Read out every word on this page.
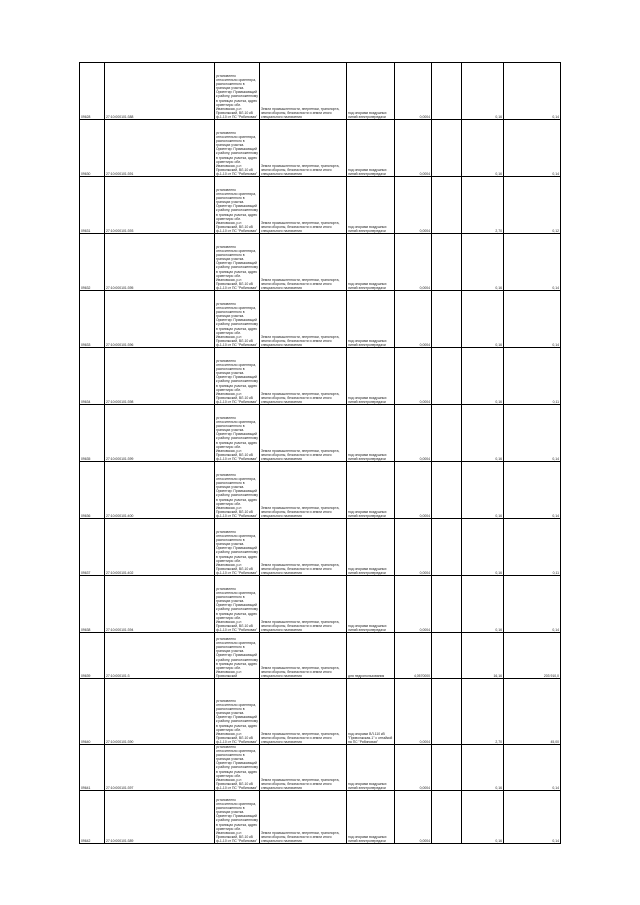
09628	27:10:000101:388	установлено относительно ориентира, расположенного в границах участка. Ориентир: Примыкающий к району, расположенному в границах участка, адрес ориентира: обл. Ивановская, р-н Приволжский, ВЛ-10 кВ ф-1-10 от ПС "Рябиновая"	Земли промышленности, энергетики, транспорта, земли обороны, безопасности и земли иного специального назначения	под опорами воздушных линий электропередачи	0,0004		0,16	0,14

09630	27:10:000101:391	установлено относительно ориентира, расположенного в границах участка. Ориентир: Примыкающий к району, расположенному в границах участка, адрес ориентира: обл. Ивановская, р-н Приволжский, ВЛ-10 кВ ф-1-10 от ПС "Рябиновая"	Земли промышленности, энергетики, транспорта, земли обороны, безопасности и земли иного специального назначения	под опорами воздушных линий электропередачи	0,0004		0,16	0,14

09631	27:10:000101:393	установлено относительно ориентира, расположенного в границах участка. Ориентир: Примыкающий к району, расположенному в границах участка, адрес ориентира: обл. Ивановская, р-н Приволжский, ВЛ-10 кВ ф-1-10 от ПС "Рябиновая"	Земли промышленности, энергетики, транспорта, земли обороны, безопасности и земли иного специального назначения	под опорами воздушных линий электропередачи	0,0004		2,70	0,12

09632	27:10:000101:395	установлено относительно ориентира, расположенного в границах участка. Ориентир: Примыкающий к району, расположенному в границах участка, адрес ориентира: обл. Ивановская, р-н Приволжский, ВЛ-10 кВ ф-1-10 от ПС "Рябиновая"	Земли промышленности, энергетики, транспорта, земли обороны, безопасности и земли иного специального назначения	под опорами воздушных линий электропередачи	0,0004		0,16	0,14

09633	27:10:000101:396	установлено относительно ориентира, расположенного в границах участка. Ориентир: Примыкающий к району, расположенному в границах участка, адрес ориентира: обл. Ивановская, р-н Приволжский, ВЛ-10 кВ ф-1-10 от ПС "Рябиновая"	Земли промышленности, энергетики, транспорта, земли обороны, безопасности и земли иного специального назначения	под опорами воздушных линий электропередачи	0,0004		0,16	0,14

09634	27:10:000101:398	установлено относительно ориентира, расположенного в границах участка. Ориентир: Примыкающий к району, расположенному в границах участка, адрес ориентира: обл. Ивановская, р-н Приволжский, ВЛ-10 кВ ф-1-10 от ПС "Рябиновая"	Земли промышленности, энергетики, транспорта, земли обороны, безопасности и земли иного специального назначения	под опорами воздушных линий электропередачи	0,0004		0,16	0,11

09635	27:10:000101:399	установлено относительно ориентира, расположенного в границах участка. Ориентир: Примыкающий к району, расположенному в границах участка, адрес ориентира: обл. Ивановская, р-н Приволжский, ВЛ-10 кВ ф-1-10 от ПС "Рябиновая"	Земли промышленности, энергетики, транспорта, земли обороны, безопасности и земли иного специального назначения	под опорами воздушных линий электропередачи	0,0004		0,16	0,14

09636	27:10:000101:400	установлено относительно ориентира, расположенного в границах участка. Ориентир: Примыкающий к району, расположенному в границах участка, адрес ориентира: обл. Ивановская, р-н Приволжский, ВЛ-10 кВ ф-1-10 от ПС "Рябиновая"	Земли промышленности, энергетики, транспорта, земли обороны, безопасности и земли иного специального назначения	под опорами воздушных линий электропередачи	0,0004		0,16	0,14

09637	27:10:000101:402	установлено относительно ориентира, расположенного в границах участка. Ориентир: Примыкающий к району, расположенному в границах участка, адрес ориентира: обл. Ивановская, р-н Приволжский, ВЛ-10 кВ ф-1-10 от ПС "Рябиновая"	Земли промышленности, энергетики, транспорта, земли обороны, безопасности и земли иного специального назначения	под опорами воздушных линий электропередачи	0,0004		0,16	0,11

09638	27:10:000101:394	установлено относительно ориентира, расположенного в границах участка. Ориентир: Примыкающий к району, расположенному в границах участка, адрес ориентира: обл. Ивановская, р-н Приволжский, ВЛ-10 кВ ф-1-10 от ПС "Рябиновая"	Земли промышленности, энергетики, транспорта, земли обороны, безопасности и земли иного специального назначения	под опорами воздушных линий электропередачи	0,0004		0,16	0,14

09639	27:10:000101:3	установлено относительно ориентира, расположенного в границах участка. Ориентир: Примыкающий к району, расположенному в границах участка, адрес ориентира: обл. Ивановская, р-н Приволжский	Земли промышленности, энергетики, транспорта, земли обороны, безопасности и земли иного специального назначения	для недропользования	4,0570000		16,16	203 910,0

09640	27:10:000101:390	установлено относительно ориентира, расположенного в границах участка. Ориентир: Примыкающий к району, расположенному в границах участка, адрес ориентира: обл. Ивановская, р-н Приволжский, ВЛ-10 кВ ф-1-10 от ПС "Рябиновая"	Земли промышленности, энергетики, транспорта, земли обороны, безопасности и земли иного специального назначения	под опорами ВЛ-110 кВ "Приволжская-1" с отпайкой на ПС "Рябиновая"	0,0004		2,70	45,00

09641	27:10:000101:397	установлено относительно ориентира, расположенного в границах участка. Ориентир: Примыкающий к району, расположенному в границах участка, адрес ориентира: обл. Ивановская, р-н Приволжский, ВЛ-10 кВ ф-1-10 от ПС "Рябиновая"	Земли промышленности, энергетики, транспорта, земли обороны, безопасности и земли иного специального назначения	под опорами воздушных линий электропередачи	0,0004		0,16	0,14

09642	27:10:000101:389	установлено относительно ориентира, расположенного в границах участка. Ориентир: Примыкающий к району, расположенному в границах участка, адрес ориентира: обл. Ивановская, р-н Приволжский, ВЛ-10 кВ ф-1-10 от ПС "Рябиновая"	Земли промышленности, энергетики, транспорта, земли обороны, безопасности и земли иного специального назначения	под опорами воздушных линий электропередачи	0,0004		0,16	0,14
